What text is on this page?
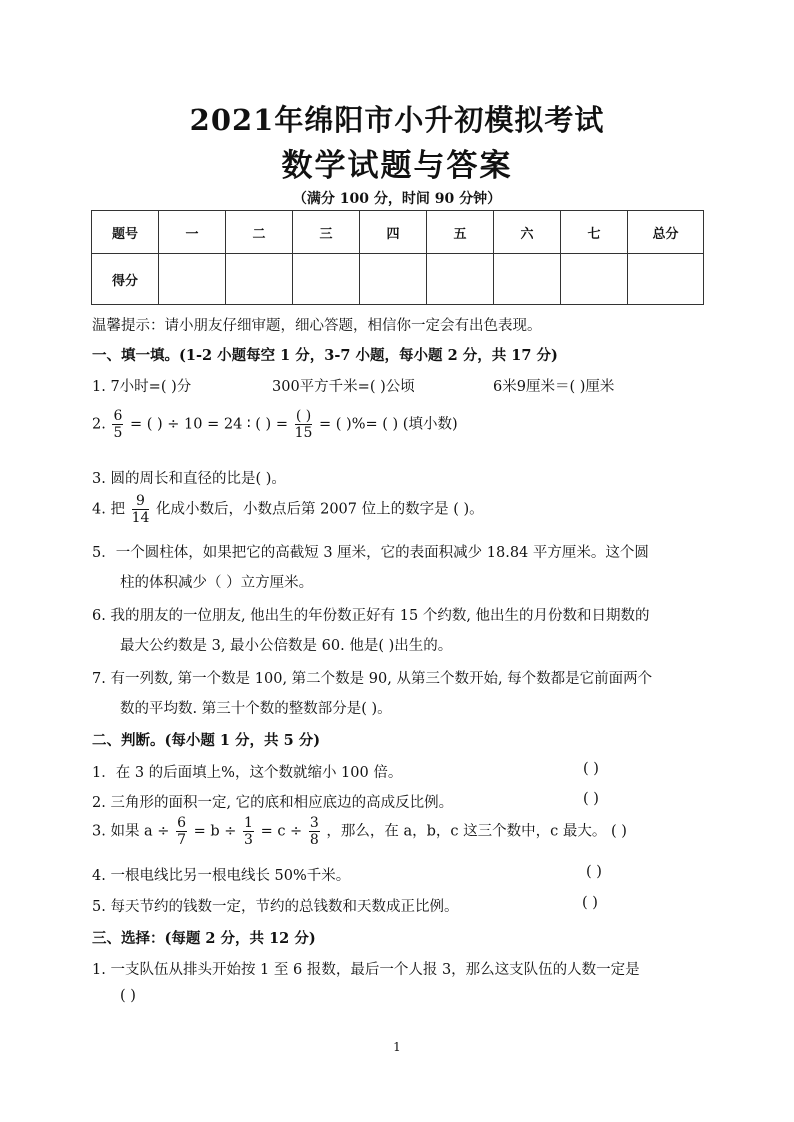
2021年绵阳市小升初模拟考试
数学试题与答案
（满分 100 分，时间 90 分钟）
题号	一	二	三	四	五	六	七	总分
得分								
温馨提示：请小朋友仔细审题，细心答题，相信你一定会有出色表现。
一、填一填。(1-2 小题每空 1 分，3-7 小题，每小题 2 分，共 17 分)
1. 7小时=( )分	300平方千米=( )公顷	6米9厘米＝( )厘米
2. $\frac{6}{5}$ = ( ) ÷ 10 = 24 ∶ ( ) = $\frac{( )}{15}$ = ( )%= ( ) (填小数)
3. 圆的周长和直径的比是( )。
4. 把 $\frac{9}{14}$ 化成小数后，小数点后第 2007 位上的数字是 ( )。
5．一个圆柱体，如果把它的高截短 3 厘米，它的表面积减少 18.84 平方厘米。这个圆
柱的体积减少（ ）立方厘米。
6. 我的朋友的一位朋友, 他出生的年份数正好有 15 个约数, 他出生的月份数和日期数的
最大公约数是 3, 最小公倍数是 60. 他是( )出生的。
7. 有一列数, 第一个数是 100, 第二个数是 90, 从第三个数开始, 每个数都是它前面两个
数的平均数. 第三十个数的整数部分是( )。
二、判断。(每小题 1 分，共 5 分)
1．在 3 的后面填上%，这个数就缩小 100 倍。	( )
2. 三角形的面积一定, 它的底和相应底边的高成反比例。	( )
3. 如果 $a \div \frac{6}{7} = b \div \frac{1}{3} = c \div \frac{3}{8}$ ，那么，在 a，b，c 这三个数中，c 最大。 ( )
4. 一根电线比另一根电线长 50%千米。	( )
5. 每天节约的钱数一定，节约的总钱数和天数成正比例。	( )
三、选择：(每题 2 分，共 12 分)
1. 一支队伍从排头开始按 1 至 6 报数，最后一个人报 3，那么这支队伍的人数一定是
( )
1
